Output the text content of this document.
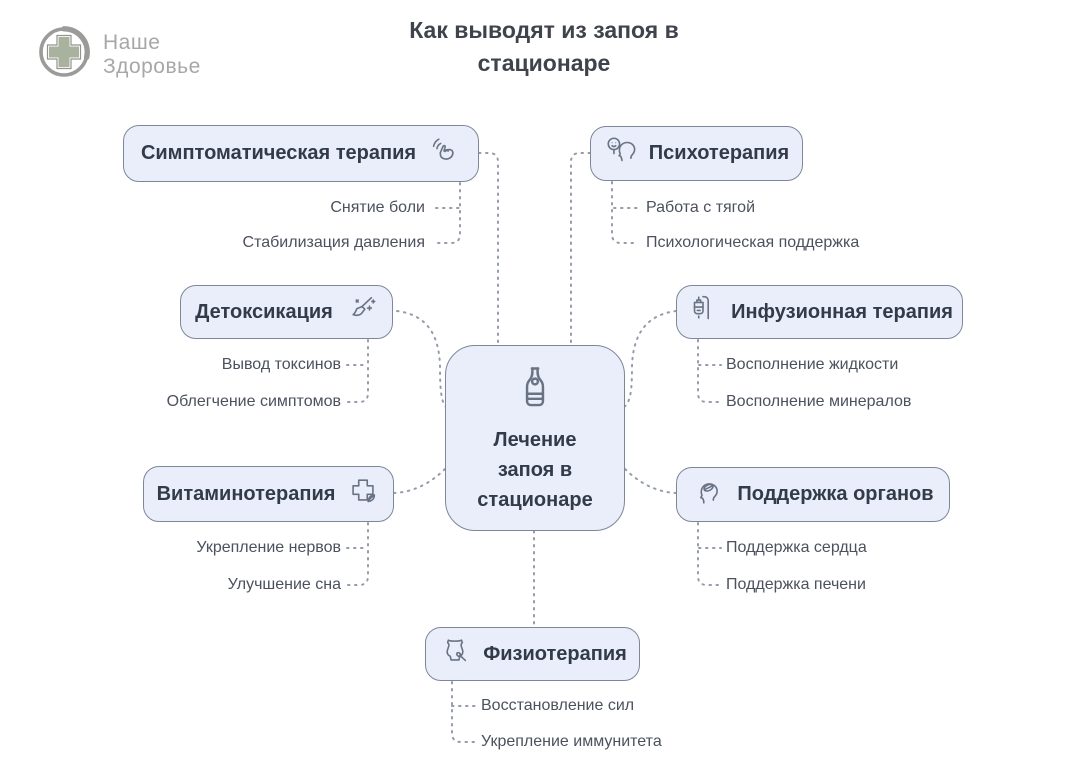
Наше
Здоровье
Как выводят из запоя в стационаре
Симптоматическая терапия	Психотерапия
Детоксикация	Инфузионная терапия
Лечение
запоя в
стационаре
Витаминотерапия	Поддержка органов
Физиотерапия
Снятие боли
Стабилизация давления
Работа с тягой
Психологическая поддержка
Вывод токсинов
Облегчение симптомов
Восполнение жидкости
Восполнение минералов
Укрепление нервов
Улучшение сна
Поддержка сердца
Поддержка печени
Восстановление сил
Укрепление иммунитета
